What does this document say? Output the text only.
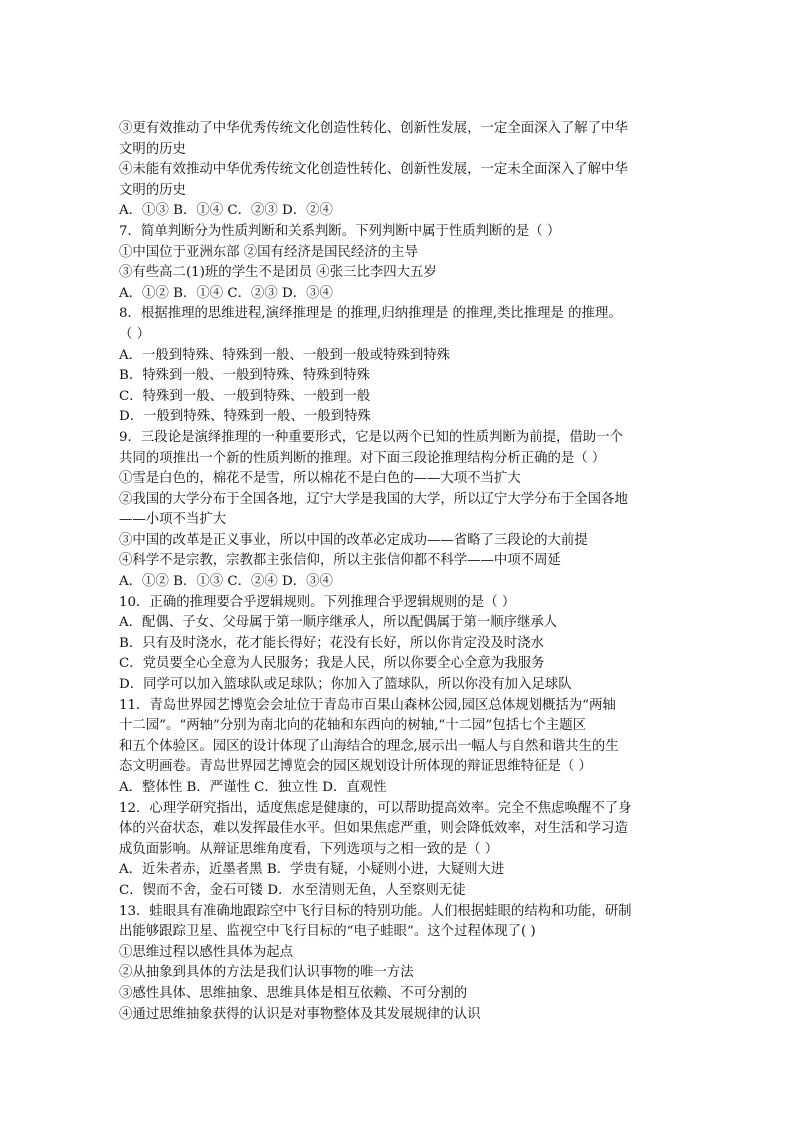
③更有效推动了中华优秀传统文化创造性转化、创新性发展，一定全面深入了解了中华
文明的历史
④未能有效推动中华优秀传统文化创造性转化、创新性发展，一定未全面深入了解中华
文明的历史
A．①③ B．①④ C．②③ D．②④
7．简单判断分为性质判断和关系判断。下列判断中属于性质判断的是（ ）
①中国位于亚洲东部 ②国有经济是国民经济的主导
③有些高二(1)班的学生不是团员 ④张三比李四大五岁
A．①② B．①④ C．②③ D．③④
8．根据推理的思维进程,演绎推理是 的推理,归纳推理是 的推理,类比推理是 的推理。
（ ）
A．一般到特殊、特殊到一般、一般到一般或特殊到特殊
B．特殊到一般、一般到特殊、特殊到特殊
C．特殊到一般、一般到特殊、一般到一般
D．一般到特殊、特殊到一般、一般到特殊
9．三段论是演绎推理的一种重要形式，它是以两个已知的性质判断为前提，借助一个
共同的项推出一个新的性质判断的推理。对下面三段论推理结构分析正确的是（ ）
①雪是白色的，棉花不是雪，所以棉花不是白色的——大项不当扩大
②我国的大学分布于全国各地，辽宁大学是我国的大学，所以辽宁大学分布于全国各地
——小项不当扩大
③中国的改革是正义事业，所以中国的改革必定成功——省略了三段论的大前提
④科学不是宗教，宗教都主张信仰，所以主张信仰都不科学——中项不周延
A．①② B．①③ C．②④ D．③④
10．正确的推理要合乎逻辑规则。下列推理合乎逻辑规则的是（ ）
A．配偶、子女、父母属于第一顺序继承人，所以配偶属于第一顺序继承人
B．只有及时浇水，花才能长得好；花没有长好，所以你肯定没及时浇水
C．党员要全心全意为人民服务；我是人民，所以你要全心全意为我服务
D．同学可以加入篮球队或足球队；你加入了篮球队，所以你没有加入足球队
11．青岛世界园艺博览会会址位于青岛市百果山森林公园,园区总体规划概括为“两轴
十二园”。“两轴”分别为南北向的花轴和东西向的树轴,“十二园”包括七个主题区
和五个体验区。园区的设计体现了山海结合的理念,展示出一幅人与自然和谐共生的生
态文明画卷。青岛世界园艺博览会的园区规划设计所体现的辩证思维特征是（ ）
A．整体性 B．严谨性 C．独立性 D．直观性
12．心理学研究指出，适度焦虑是健康的，可以帮助提高效率。完全不焦虑唤醒不了身
体的兴奋状态，难以发挥最佳水平。但如果焦虑严重，则会降低效率，对生活和学习造
成负面影响。从辩证思维角度看，下列选项与之相一致的是（ ）
A．近朱者赤，近墨者黑 B．学贵有疑，小疑则小进，大疑则大进
C．锲而不舍，金石可镂 D．水至清则无鱼，人至察则无徒
13．蛙眼具有准确地跟踪空中飞行目标的特别功能。人们根据蛙眼的结构和功能，研制
出能够跟踪卫星、监视空中飞行目标的“电子蛙眼”。这个过程体现了( )
①思维过程以感性具体为起点
②从抽象到具体的方法是我们认识事物的唯一方法
③感性具体、思维抽象、思维具体是相互依赖、不可分割的
④通过思维抽象获得的认识是对事物整体及其发展规律的认识
